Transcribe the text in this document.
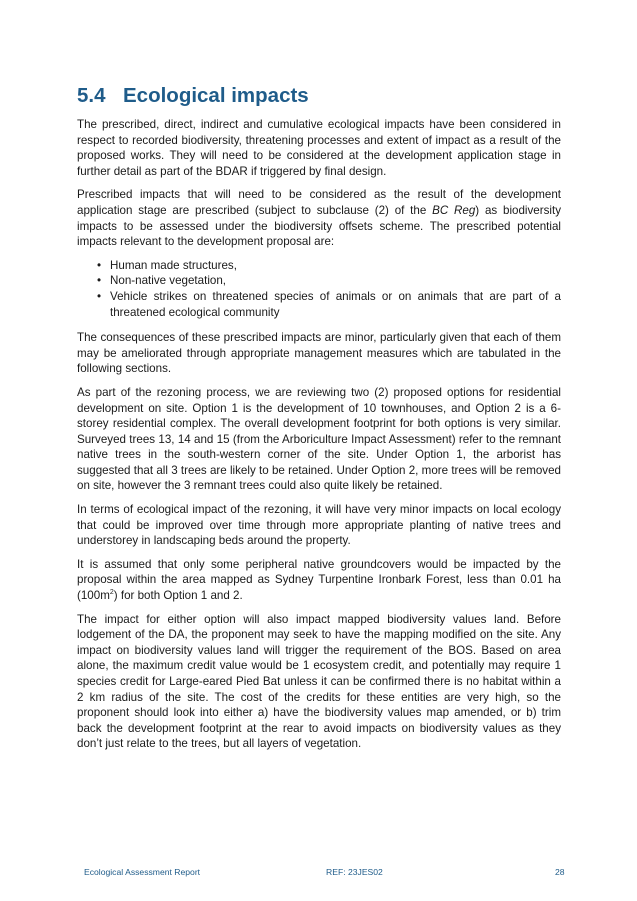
5.4 Ecological impacts

The prescribed, direct, indirect and cumulative ecological impacts have been considered in respect to recorded biodiversity, threatening processes and extent of impact as a result of the proposed works. They will need to be considered at the development application stage in further detail as part of the BDAR if triggered by final design.

Prescribed impacts that will need to be considered as the result of the development application stage are prescribed (subject to subclause (2) of the BC Reg) as biodiversity impacts to be assessed under the biodiversity offsets scheme. The prescribed potential impacts relevant to the development proposal are:

• Human made structures,
• Non-native vegetation,
• Vehicle strikes on threatened species of animals or on animals that are part of a threatened ecological community

The consequences of these prescribed impacts are minor, particularly given that each of them may be ameliorated through appropriate management measures which are tabulated in the following sections.

As part of the rezoning process, we are reviewing two (2) proposed options for residential development on site. Option 1 is the development of 10 townhouses, and Option 2 is a 6-storey residential complex. The overall development footprint for both options is very similar. Surveyed trees 13, 14 and 15 (from the Arboriculture Impact Assessment) refer to the remnant native trees in the south-western corner of the site. Under Option 1, the arborist has suggested that all 3 trees are likely to be retained. Under Option 2, more trees will be removed on site, however the 3 remnant trees could also quite likely be retained.

In terms of ecological impact of the rezoning, it will have very minor impacts on local ecology that could be improved over time through more appropriate planting of native trees and understorey in landscaping beds around the property.

It is assumed that only some peripheral native groundcovers would be impacted by the proposal within the area mapped as Sydney Turpentine Ironbark Forest, less than 0.01 ha $(100m^2)$ for both Option 1 and 2.

The impact for either option will also impact mapped biodiversity values land. Before lodgement of the DA, the proponent may seek to have the mapping modified on the site. Any impact on biodiversity values land will trigger the requirement of the BOS. Based on area alone, the maximum credit value would be 1 ecosystem credit, and potentially may require 1 species credit for Large-eared Pied Bat unless it can be confirmed there is no habitat within a 2 km radius of the site. The cost of the credits for these entities are very high, so the proponent should look into either a) have the biodiversity values map amended, or b) trim back the development footprint at the rear to avoid impacts on biodiversity values as they don’t just relate to the trees, but all layers of vegetation.

Ecological Assessment Report	REF: 23JES02	28
